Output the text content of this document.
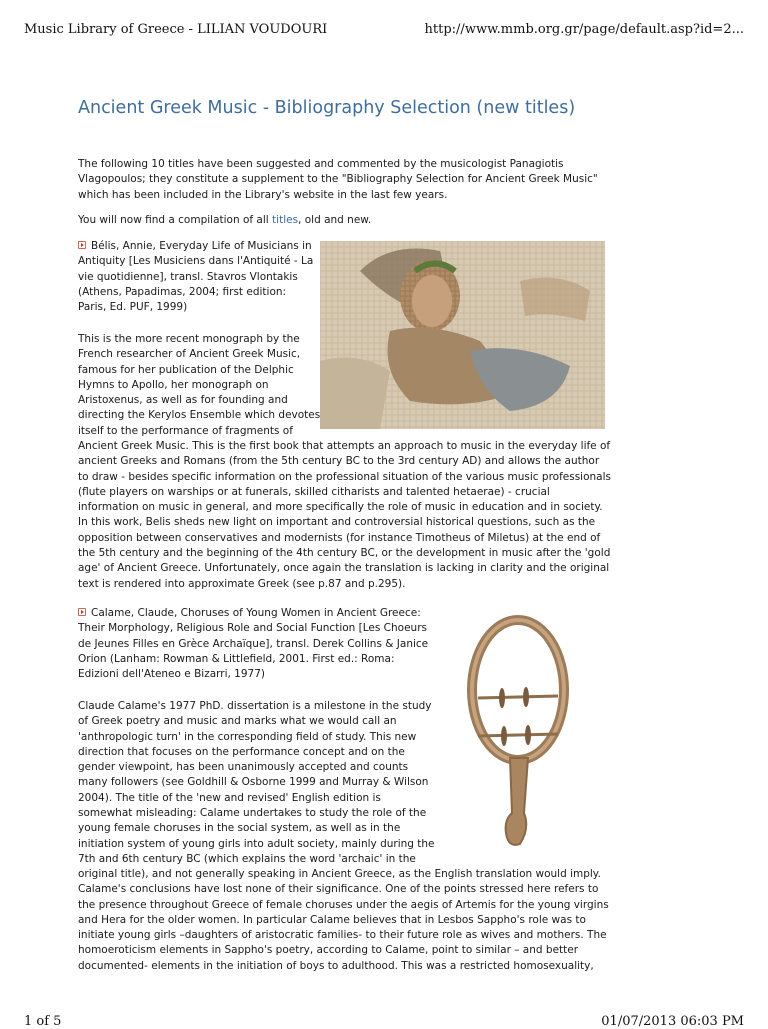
Music Library of Greece - LILIAN VOUDOURI	http://www.mmb.org.gr/page/default.asp?id=2...
Ancient Greek Music - Bibliography Selection (new titles)
The following 10 titles have been suggested and commented by the musicologist Panagiotis
Vlagopoulos; they constitute a supplement to the "Bibliography Selection for Ancient Greek Music"
which has been included in the Library's website in the last few years.
You will now find a compilation of all titles, old and new.
Bélis, Annie, Everyday Life of Musicians in
Antiquity [Les Musiciens dans l'Antiquité - La
vie quotidienne], transl. Stavros Vlontakis
(Athens, Papadimas, 2004; first edition:
Paris, Ed. PUF, 1999)
This is the more recent monograph by the
French researcher of Ancient Greek Music,
famous for her publication of the Delphic
Hymns to Apollo, her monograph on
Aristoxenus, as well as for founding and
directing the Kerylos Ensemble which devotes
itself to the performance of fragments of
Ancient Greek Music. This is the first book that attempts an approach to music in the everyday life of
ancient Greeks and Romans (from the 5th century BC to the 3rd century AD) and allows the author
to draw - besides specific information on the professional situation of the various music professionals
(flute players on warships or at funerals, skilled citharists and talented hetaerae) - crucial
information on music in general, and more specifically the role of music in education and in society.
In this work, Belis sheds new light on important and controversial historical questions, such as the
opposition between conservatives and modernists (for instance Timotheus of Miletus) at the end of
the 5th century and the beginning of the 4th century BC, or the development in music after the 'gold
age' of Ancient Greece. Unfortunately, once again the translation is lacking in clarity and the original
text is rendered into approximate Greek (see p.87 and p.295).
Calame, Claude, Choruses of Young Women in Ancient Greece:
Their Morphology, Religious Role and Social Function [Les Choeurs
de Jeunes Filles en Grèce Archaïque], transl. Derek Collins & Janice
Orion (Lanham: Rowman & Littlefield, 2001. First ed.: Roma:
Edizioni dell'Ateneo e Bizarri, 1977)
Claude Calame's 1977 PhD. dissertation is a milestone in the study
of Greek poetry and music and marks what we would call an
'anthropologic turn' in the corresponding field of study. This new
direction that focuses on the performance concept and on the
gender viewpoint, has been unanimously accepted and counts
many followers (see Goldhill & Osborne 1999 and Murray & Wilson
2004). The title of the 'new and revised' English edition is
somewhat misleading: Calame undertakes to study the role of the
young female choruses in the social system, as well as in the
initiation system of young girls into adult society, mainly during the
7th and 6th century BC (which explains the word 'archaic' in the
original title), and not generally speaking in Ancient Greece, as the English translation would imply.
Calame's conclusions have lost none of their significance. One of the points stressed here refers to
the presence throughout Greece of female choruses under the aegis of Artemis for the young virgins
and Hera for the older women. In particular Calame believes that in Lesbos Sappho's role was to
initiate young girls –daughters of aristocratic families- to their future role as wives and mothers. The
homoeroticism elements in Sappho's poetry, according to Calame, point to similar – and better
documented- elements in the initiation of boys to adulthood. This was a restricted homosexuality,
1 of 5	01/07/2013 06:03 PM
